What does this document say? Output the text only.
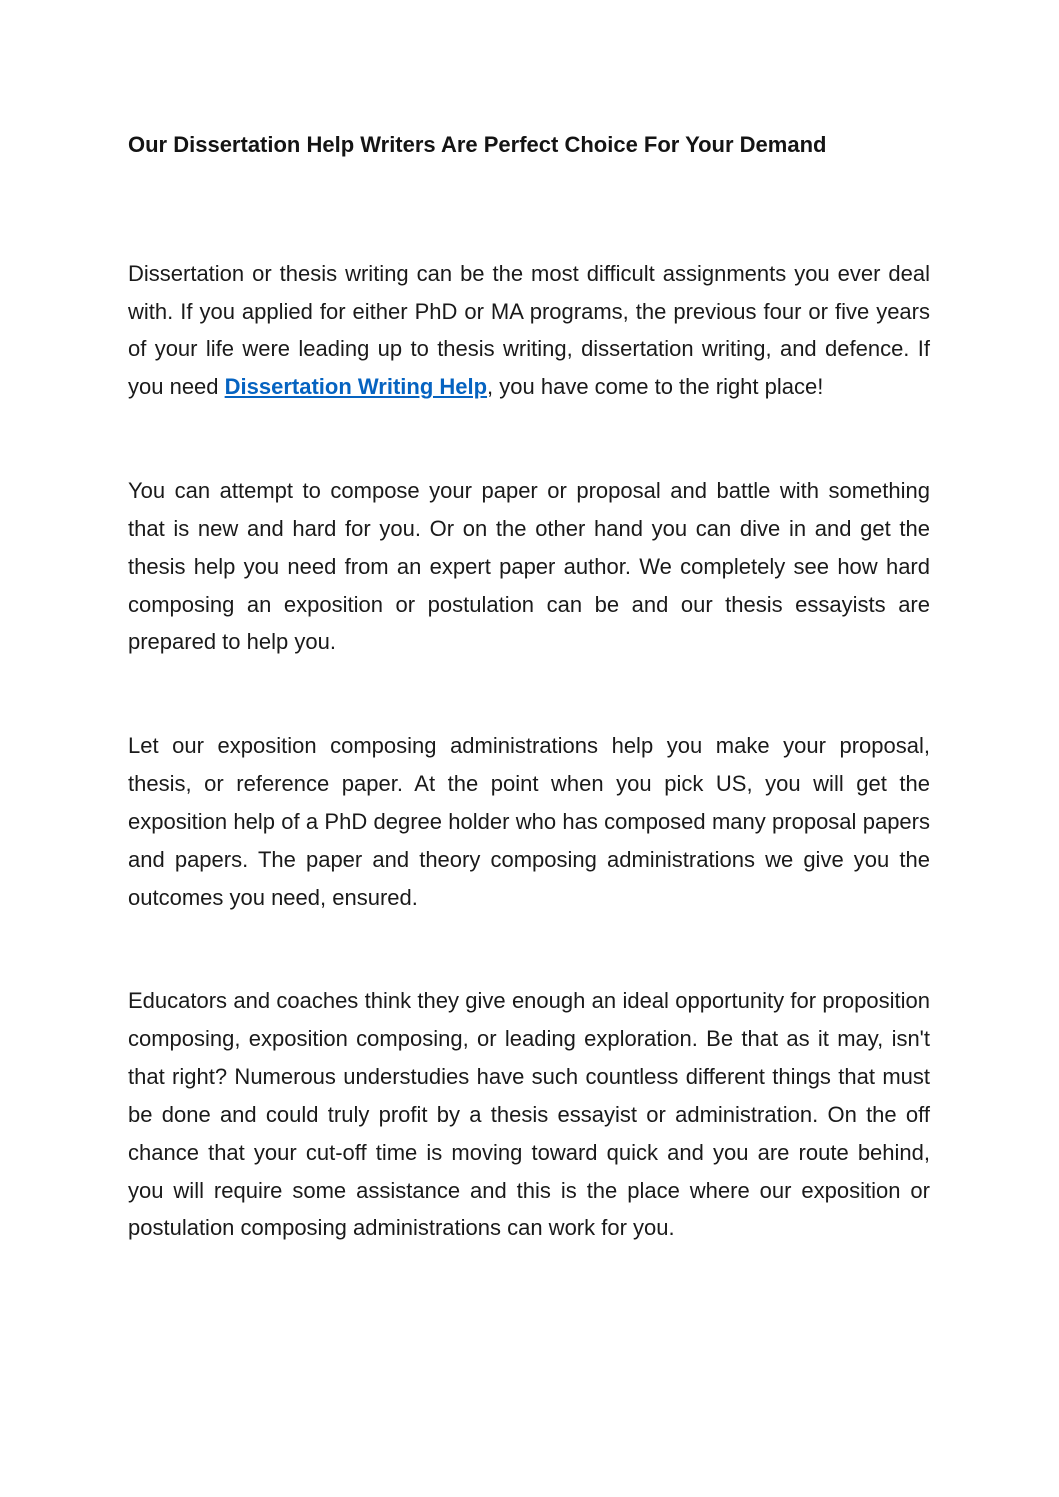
Our Dissertation Help Writers Are Perfect Choice For Your Demand

Dissertation or thesis writing can be the most difficult assignments you ever deal with. If you applied for either PhD or MA programs, the previous four or five years of your life were leading up to thesis writing, dissertation writing, and defence. If you need Dissertation Writing Help, you have come to the right place!

You can attempt to compose your paper or proposal and battle with something that is new and hard for you. Or on the other hand you can dive in and get the thesis help you need from an expert paper author. We completely see how hard composing an exposition or postulation can be and our thesis essayists are prepared to help you.

Let our exposition composing administrations help you make your proposal, thesis, or reference paper. At the point when you pick US, you will get the exposition help of a PhD degree holder who has composed many proposal papers and papers. The paper and theory composing administrations we give you the outcomes you need, ensured.

Educators and coaches think they give enough an ideal opportunity for proposition composing, exposition composing, or leading exploration. Be that as it may, isn't that right? Numerous understudies have such countless different things that must be done and could truly profit by a thesis essayist or administration. On the off chance that your cut-off time is moving toward quick and you are route behind, you will require some assistance and this is the place where our exposition or postulation composing administrations can work for you.
